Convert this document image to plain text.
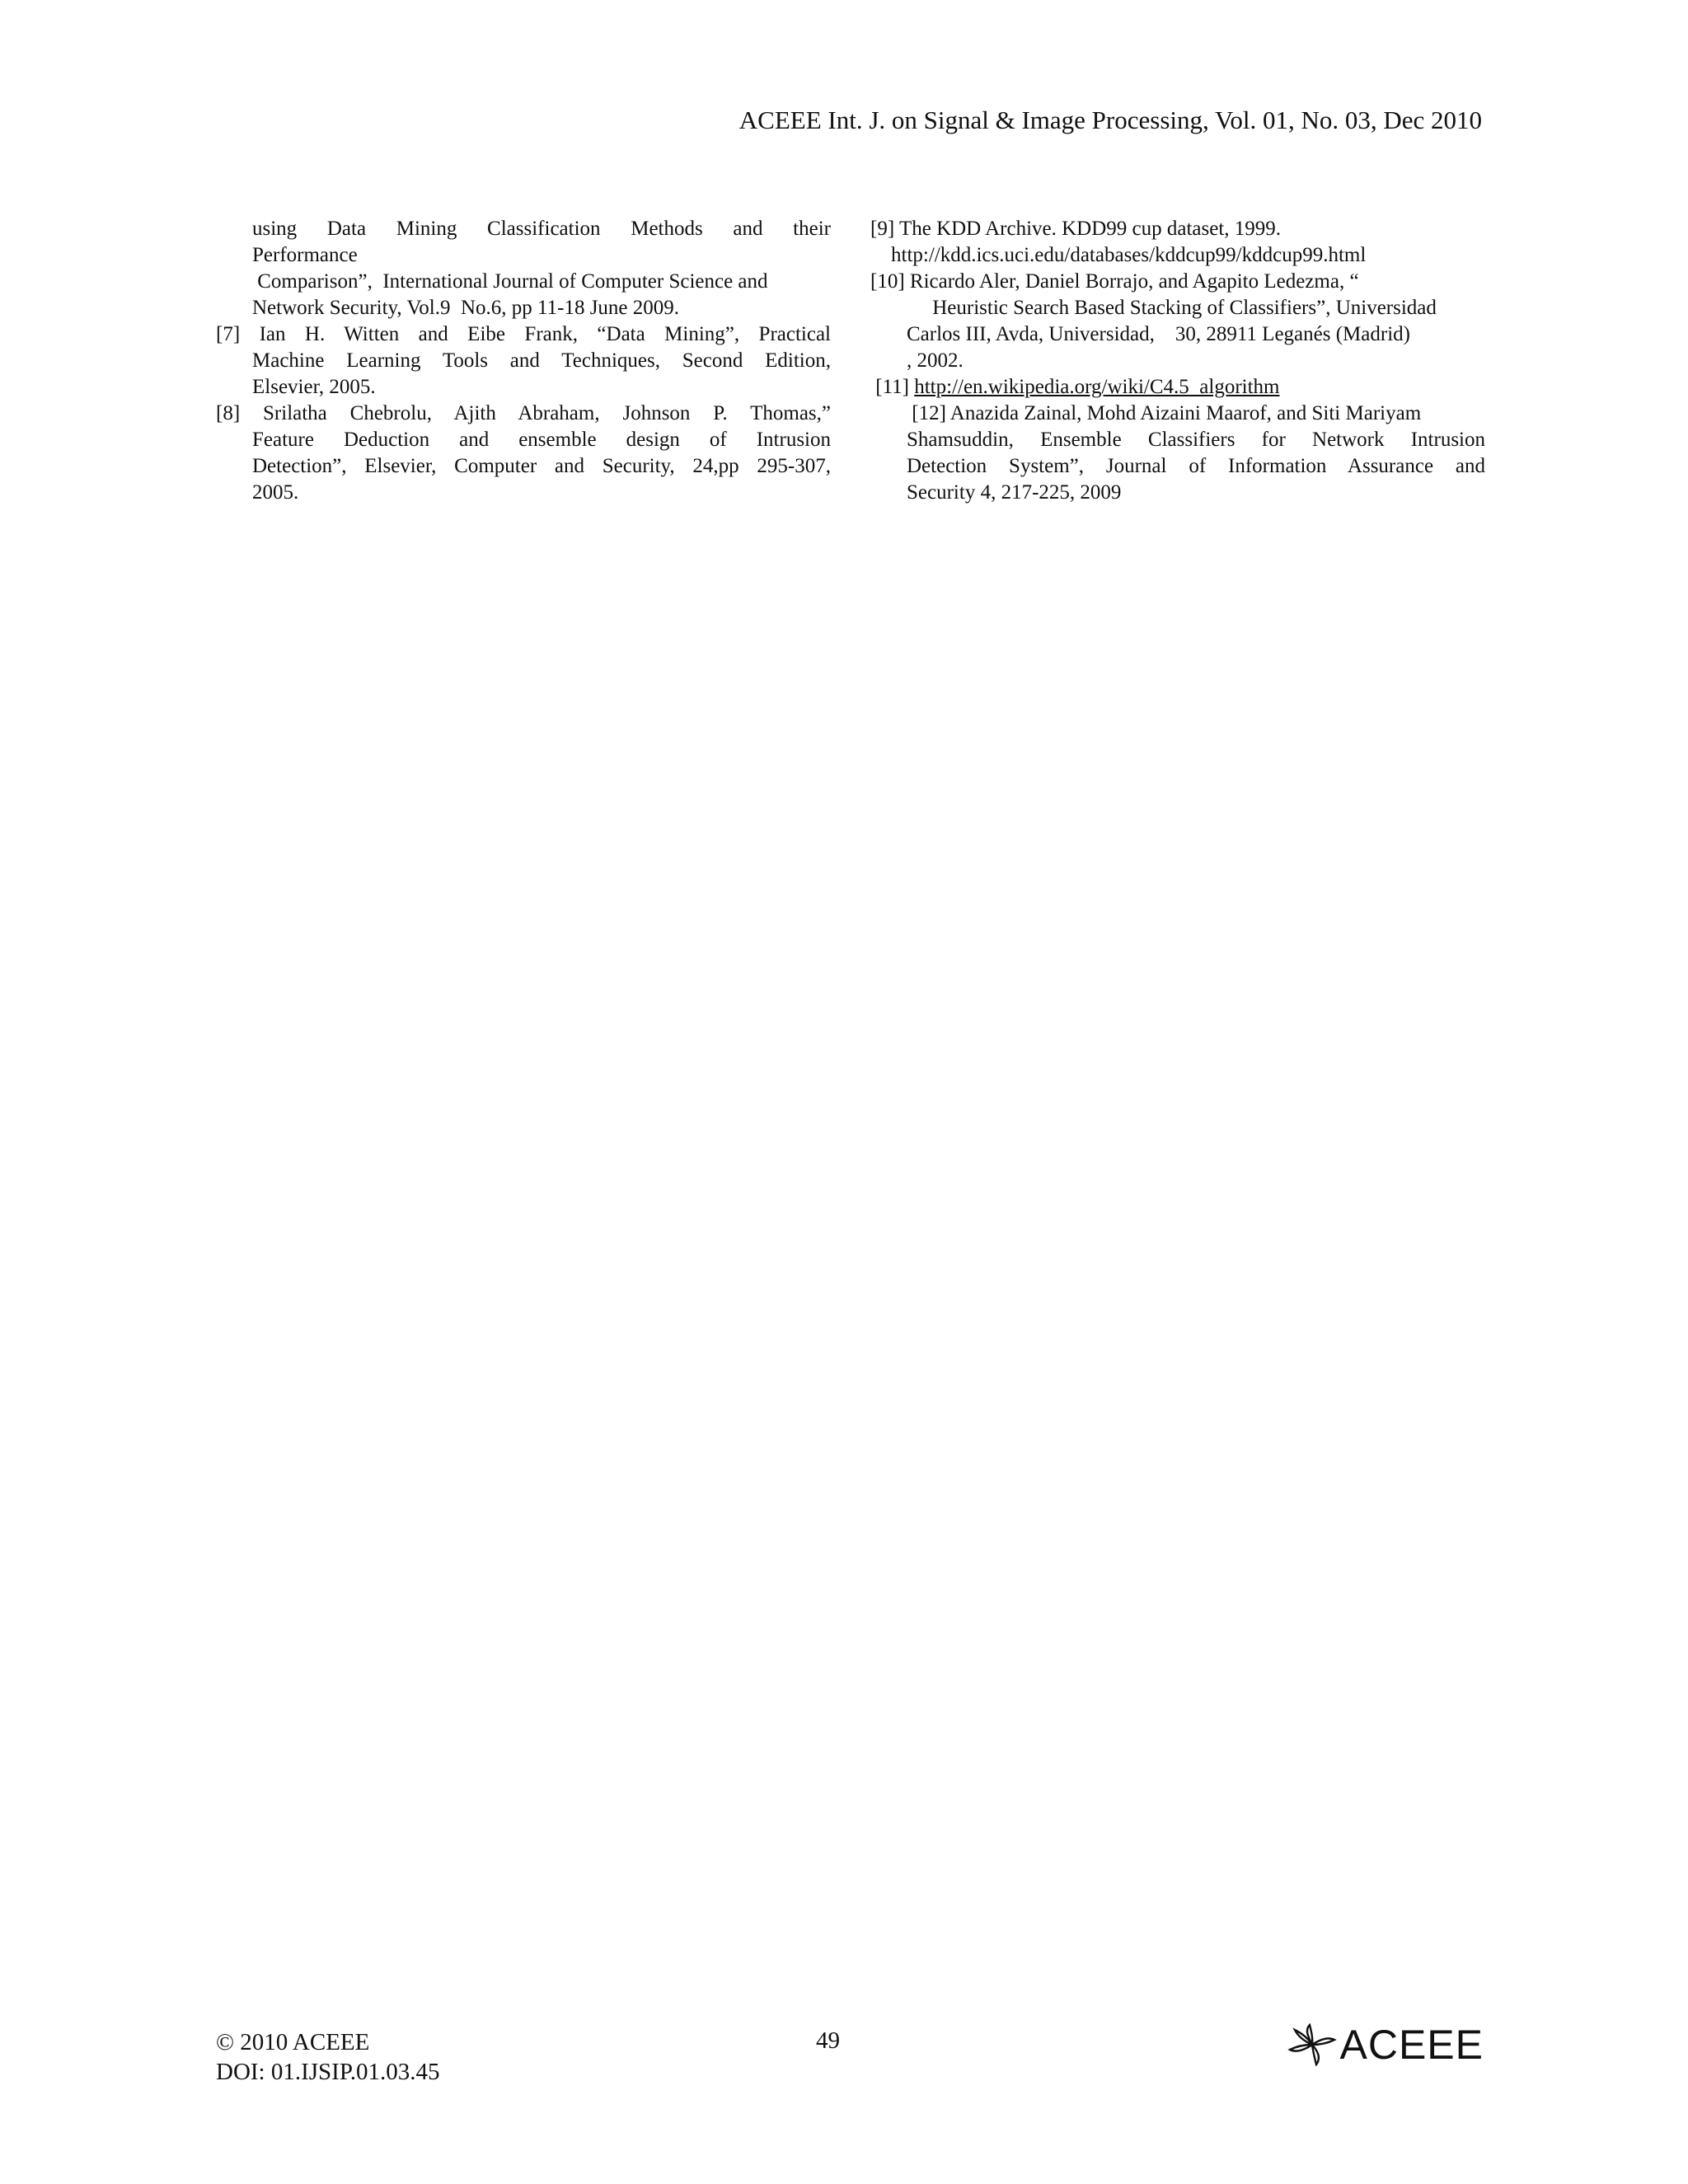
ACEEE Int. J. on Signal & Image Processing, Vol. 01, No. 03, Dec 2010
using Data Mining Classification Methods and their
Performance
Comparison”,  International Journal of Computer Science and
Network Security, Vol.9  No.6, pp 11-18 June 2009.
[7] Ian H. Witten and Eibe Frank, “Data Mining”, Practical
Machine Learning Tools and Techniques, Second Edition,
Elsevier, 2005.
[8] Srilatha Chebrolu, Ajith Abraham, Johnson P. Thomas,”
Feature Deduction and ensemble design of Intrusion
Detection”, Elsevier, Computer and Security, 24,pp 295-307,
2005.
[9] The KDD Archive. KDD99 cup dataset, 1999.
http://kdd.ics.uci.edu/databases/kddcup99/kddcup99.html
[10] Ricardo Aler, Daniel Borrajo, and Agapito Ledezma, “
Heuristic Search Based Stacking of Classifiers”, Universidad
Carlos III, Avda, Universidad,    30, 28911 Leganés (Madrid)
, 2002.
[11] http://en.wikipedia.org/wiki/C4.5_algorithm
[12] Anazida Zainal, Mohd Aizaini Maarof, and Siti Mariyam
Shamsuddin, Ensemble Classifiers for Network Intrusion
Detection System”, Journal of Information Assurance and
Security 4, 217-225, 2009
© 2010 ACEEE
DOI: 01.IJSIP.01.03.45
49	ACEEE
